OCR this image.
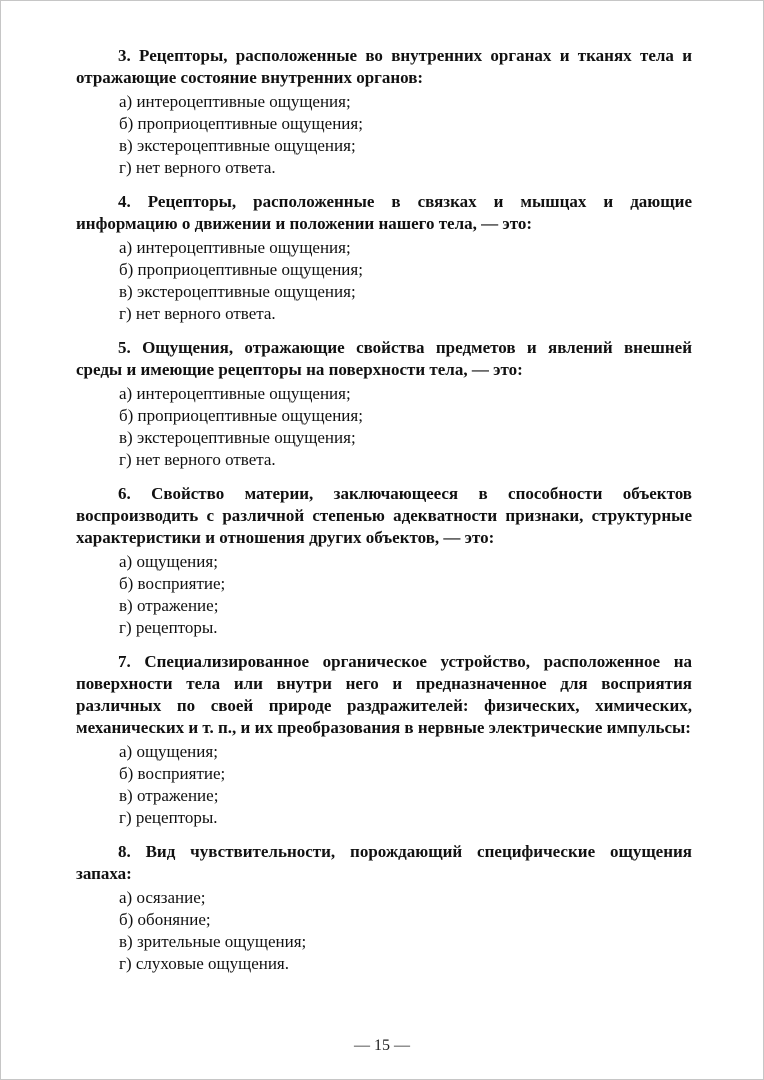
3. Рецепторы, расположенные во внутренних органах и тканях тела и отражающие состояние внутренних органов:

а) интероцептивные ощущения;

б) проприоцептивные ощущения;

в) экстероцептивные ощущения;

г) нет верного ответа.

4. Рецепторы, расположенные в связках и мышцах и дающие информацию о движении и положении нашего тела, — это:

а) интероцептивные ощущения;

б) проприоцептивные ощущения;

в) экстероцептивные ощущения;

г) нет верного ответа.

5. Ощущения, отражающие свойства предметов и явлений внешней среды и имеющие рецепторы на поверхности тела, — это:

а) интероцептивные ощущения;

б) проприоцептивные ощущения;

в) экстероцептивные ощущения;

г) нет верного ответа.

6. Свойство материи, заключающееся в способности объектов воспроизводить с различной степенью адекватности признаки, структурные характеристики и отношения других объектов, — это:

а) ощущения;

б) восприятие;

в) отражение;

г) рецепторы.

7. Специализированное органическое устройство, расположенное на поверхности тела или внутри него и предназначенное для восприятия различных по своей природе раздражителей: физических, химических, механических и т. п., и их преобразования в нервные электрические импульсы:

а) ощущения;

б) восприятие;

в) отражение;

г) рецепторы.

8. Вид чувствительности, порождающий специфические ощущения запаха:

а) осязание;

б) обоняние;

в) зрительные ощущения;

г) слуховые ощущения.

— 15 —
